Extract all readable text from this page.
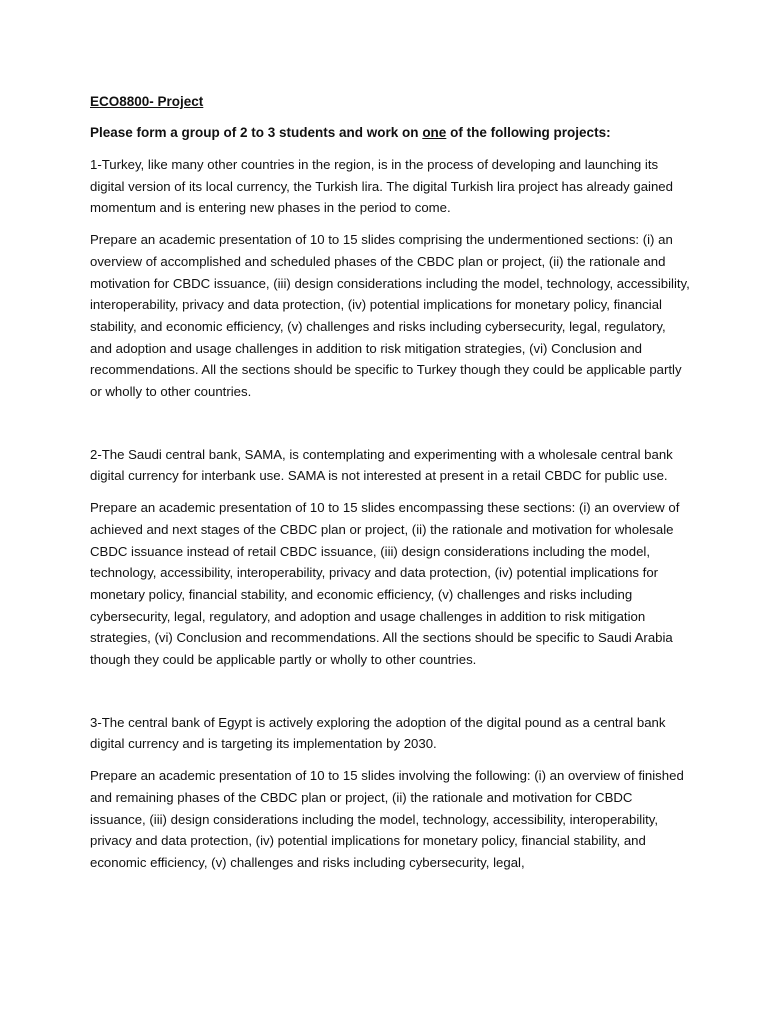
ECO8800- Project
Please form a group of 2 to 3 students and work on one of the following projects:

1-Turkey, like many other countries in the region, is in the process of developing and launching its digital version of its local currency, the Turkish lira. The digital Turkish lira project has already gained momentum and is entering new phases in the period to come.

Prepare an academic presentation of 10 to 15 slides comprising the undermentioned sections: (i) an overview of accomplished and scheduled phases of the CBDC plan or project, (ii) the rationale and motivation for CBDC issuance, (iii) design considerations including the model, technology, accessibility, interoperability, privacy and data protection, (iv) potential implications for monetary policy, financial stability, and economic efficiency, (v) challenges and risks including cybersecurity, legal, regulatory, and adoption and usage challenges in addition to risk mitigation strategies, (vi) Conclusion and recommendations. All the sections should be specific to Turkey though they could be applicable partly or wholly to other countries.

2-The Saudi central bank, SAMA, is contemplating and experimenting with a wholesale central bank digital currency for interbank use. SAMA is not interested at present in a retail CBDC for public use.

Prepare an academic presentation of 10 to 15 slides encompassing these sections: (i) an overview of achieved and next stages of the CBDC plan or project, (ii) the rationale and motivation for wholesale CBDC issuance instead of retail CBDC issuance, (iii) design considerations including the model, technology, accessibility, interoperability, privacy and data protection, (iv) potential implications for monetary policy, financial stability, and economic efficiency, (v) challenges and risks including cybersecurity, legal, regulatory, and adoption and usage challenges in addition to risk mitigation strategies, (vi) Conclusion and recommendations. All the sections should be specific to Saudi Arabia though they could be applicable partly or wholly to other countries.

3-The central bank of Egypt is actively exploring the adoption of the digital pound as a central bank digital currency and is targeting its implementation by 2030.

Prepare an academic presentation of 10 to 15 slides involving the following: (i) an overview of finished and remaining phases of the CBDC plan or project, (ii) the rationale and motivation for CBDC issuance, (iii) design considerations including the model, technology, accessibility, interoperability, privacy and data protection, (iv) potential implications for monetary policy, financial stability, and economic efficiency, (v) challenges and risks including cybersecurity, legal,
